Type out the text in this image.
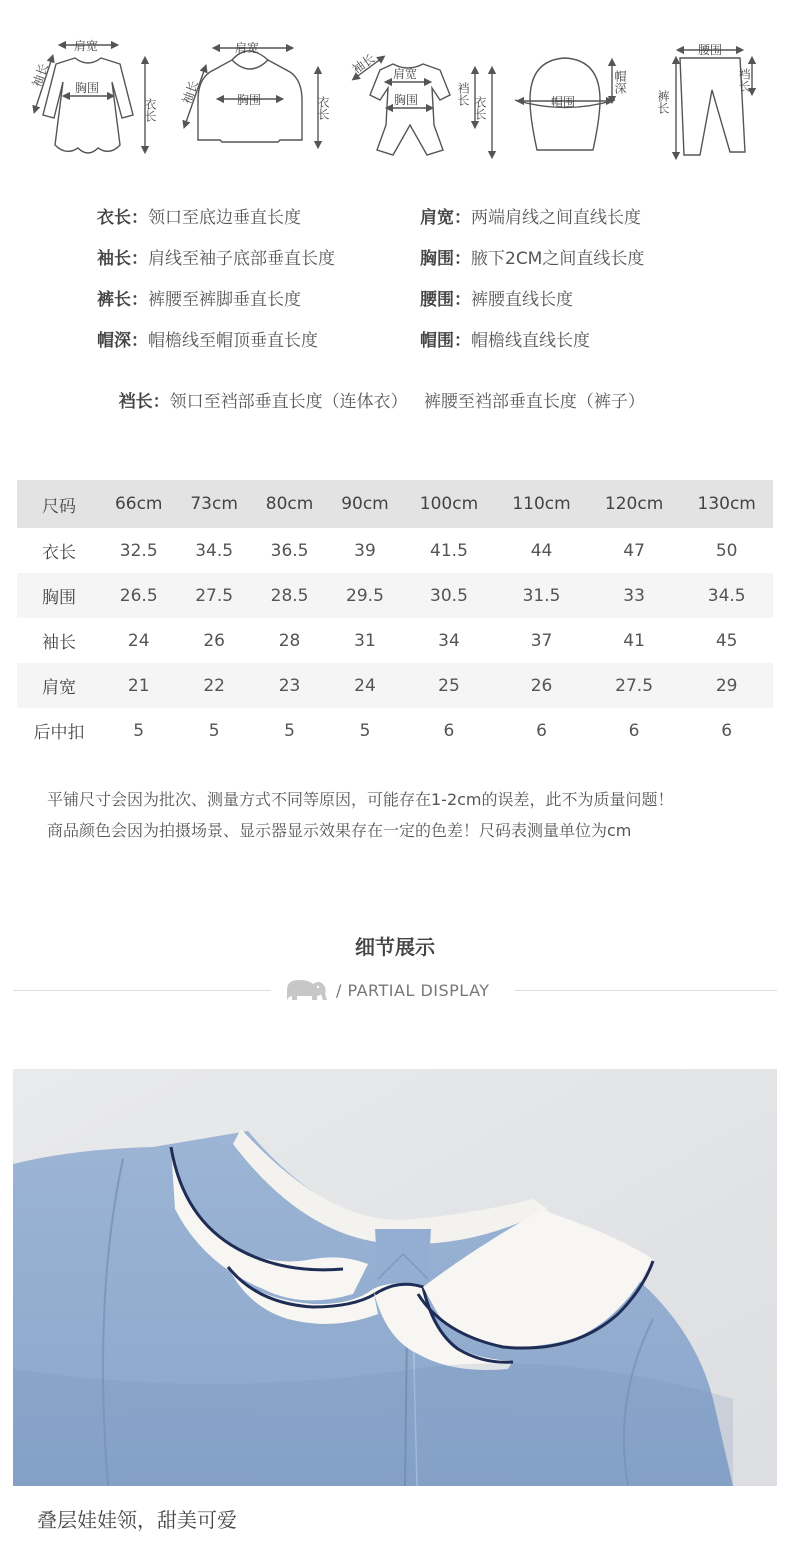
肩宽
胸围
袖长
衣长
肩宽
胸围
袖长
衣长
肩宽
胸围
袖长
裆长
衣长	帽围
帽深
腰围
裤长
裆长
衣长：领口至底边垂直长度	肩宽：两端肩线之间直线长度
袖长：肩线至袖子底部垂直长度	胸围：腋下2CM之间直线长度
裤长：裤腰至裤脚垂直长度	腰围：裤腰直线长度
帽深：帽檐线至帽顶垂直长度	帽围：帽檐线直线长度

裆长：领口至裆部垂直长度（连体衣）   裤腰至裆部垂直长度（裤子）

尺码	66cm	73cm	80cm	90cm	100cm	110cm	120cm	130cm
衣长	32.5	34.5	36.5	39	41.5	44	47	50
胸围	26.5	27.5	28.5	29.5	30.5	31.5	33	34.5
袖长	24	26	28	31	34	37	41	45
肩宽	21	22	23	24	25	26	27.5	29
后中扣	5	5	5	5	6	6	6	6
平铺尺寸会因为批次、测量方式不同等原因，可能存在1-2cm的误差，此不为质量问题！
商品颜色会因为拍摄场景、显示器显示效果存在一定的色差！尺码表测量单位为cm
细节展示
/ PARTIAL DISPLAY
叠层娃娃领，甜美可爱
